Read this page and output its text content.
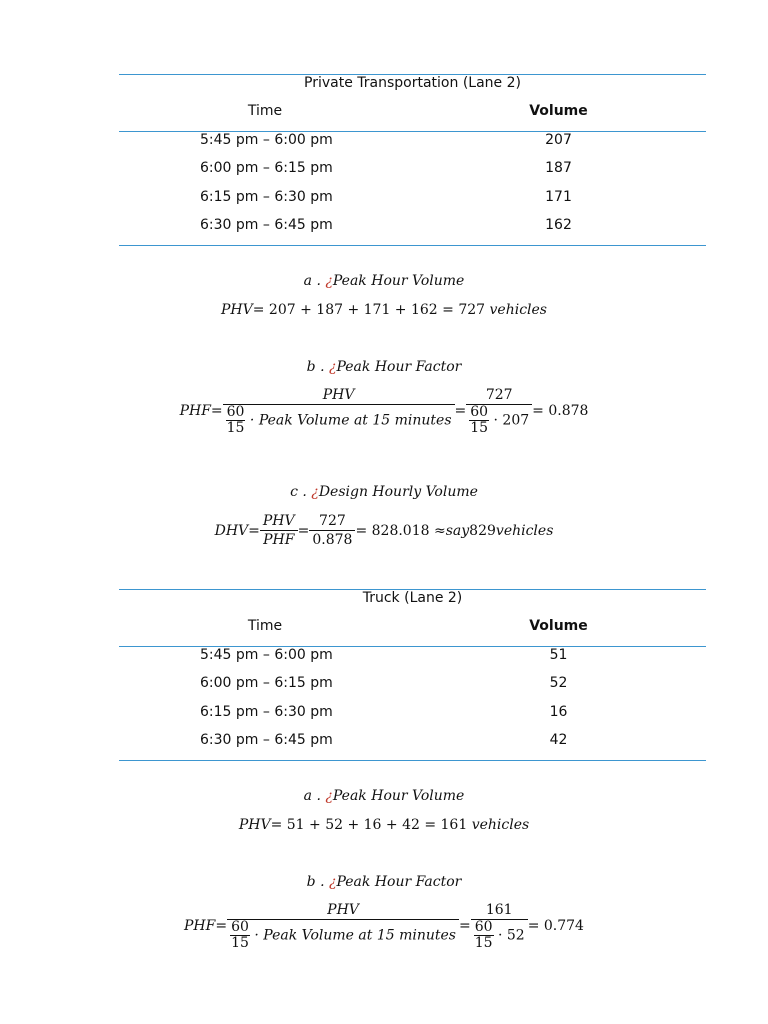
Private Transportation (Lane 2)
Time	Volume
5:45 pm – 6:00 pm	207
6:00 pm – 6:15 pm	187
6:15 pm – 6:30 pm	171
6:30 pm – 6:45 pm	162
a . ¿Peak Hour Volume
PHV= 207 + 187 + 171 + 162 = 727 vehicles
b . ¿Peak Hour Factor
$PHF= \frac{\text{PHV}}{\frac{60}{15} \cdot Peak Volume at 15 minutes} = \frac{727}{\frac{60}{15} \cdot 207} = 0.878$
c . ¿Design Hourly Volume
$DHV= \frac{\text{PHV}}{\text{PHF}} = \frac{727}{0.878} = 828.018$ ≈say829vehicles
Truck (Lane 2)
Time	Volume
5:45 pm – 6:00 pm	51
6:00 pm – 6:15 pm	52
6:15 pm – 6:30 pm	16
6:30 pm – 6:45 pm	42
a . ¿Peak Hour Volume
PHV= 51 + 52 + 16 + 42 = 161 vehicles
b . ¿Peak Hour Factor
$PHF= \frac{\text{PHV}}{\frac{60}{15} \cdot Peak Volume at 15 minutes} = \frac{161}{\frac{60}{15} \cdot 52} = 0.774$
